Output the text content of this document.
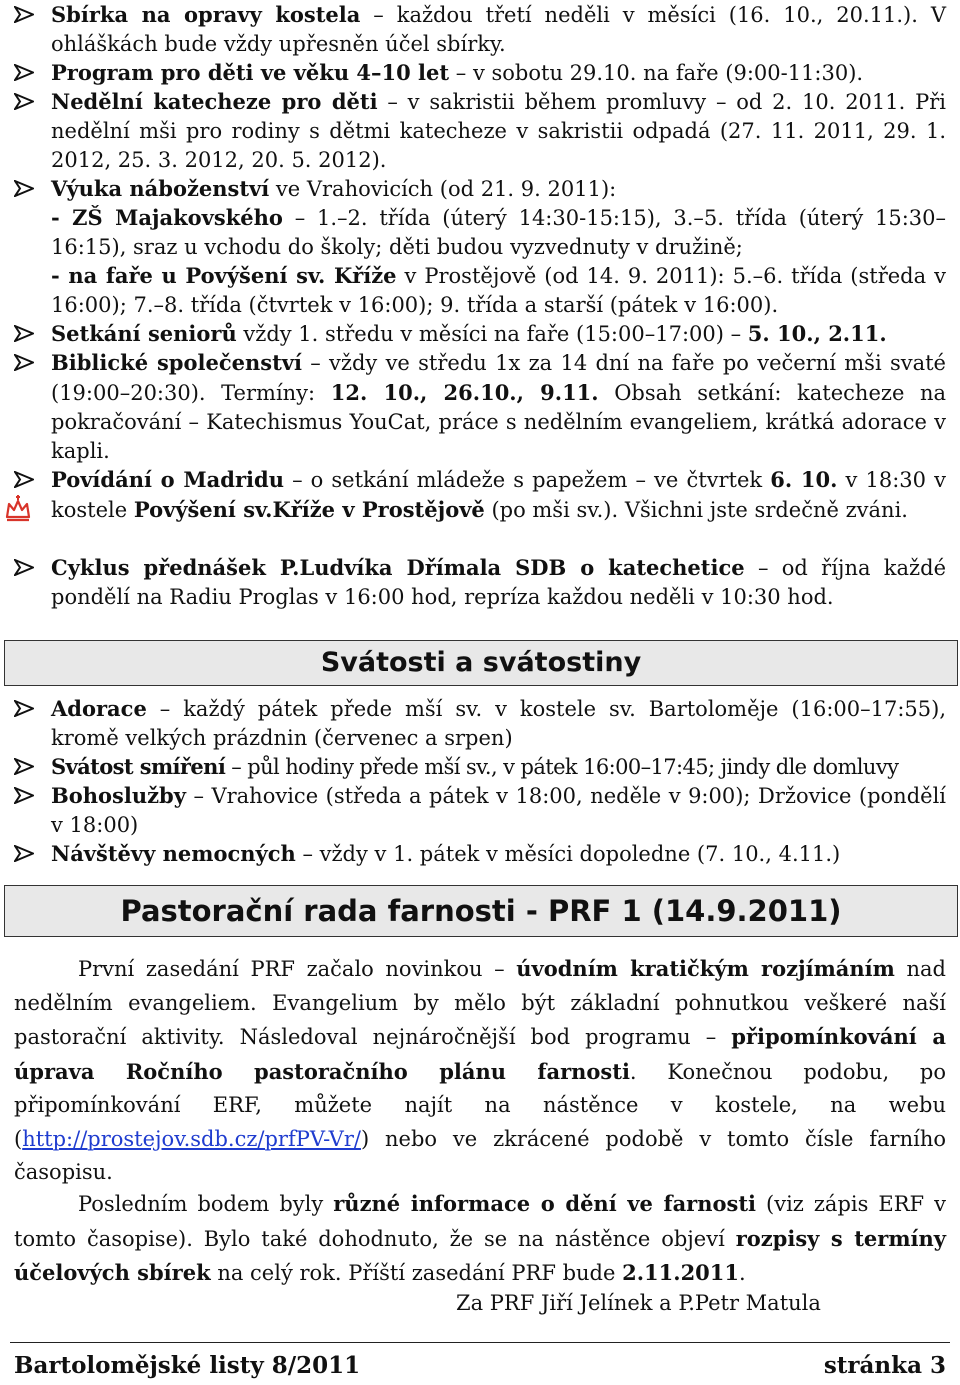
Sbírka na opravy kostela – každou třetí neděli v měsíci (16. 10., 20.11.). V ohláškách bude vždy upřesněn účel sbírky.
Program pro děti ve věku 4–10 let – v sobotu 29.10. na faře (9:00-11:30).
Nedělní katecheze pro děti – v sakristii během promluvy – od 2. 10. 2011. Při nedělní mši pro rodiny s dětmi katecheze v sakristii odpadá (27. 11. 2011, 29. 1. 2012, 25. 3. 2012, 20. 5. 2012).
Výuka náboženství ve Vrahovicích (od 21. 9. 2011):
- ZŠ Majakovského – 1.–2. třída (úterý 14:30-15:15), 3.–5. třída (úterý 15:30–16:15), sraz u vchodu do školy; děti budou vyzvednuty v družině;
- na faře u Povýšení sv. Kříže v Prostějově (od 14. 9. 2011): 5.–6. třída (středa v 16:00); 7.–8. třída (čtvrtek v 16:00); 9. třída a starší (pátek v 16:00).
Setkání seniorů vždy 1. středu v měsíci na faře (15:00–17:00) – 5. 10., 2.11.
Biblické společenství – vždy ve středu 1x za 14 dní na faře po večerní mši svaté (19:00–20:30). Termíny: 12. 10., 26.10., 9.11. Obsah setkání: katecheze na pokračování – Katechismus YouCat, práce s nedělním evangeliem, krátká adorace v kapli.
Povídání o Madridu – o setkání mládeže s papežem – ve čtvrtek 6. 10. v 18:30 v kostele Povýšení sv.Kříže v Prostějově (po mši sv.). Všichni jste srdečně zváni.
Cyklus přednášek P.Ludvíka Dřímala SDB o katechetice – od října každé pondělí na Radiu Proglas v 16:00 hod, repríza každou neděli v 10:30 hod.
Svátosti a svátostiny
Adorace – každý pátek přede mší sv. v kostele sv. Bartoloměje (16:00–17:55), kromě velkých prázdnin (červenec a srpen)
Svátost smíření – půl hodiny přede mší sv., v pátek 16:00–17:45; jindy dle domluvy
Bohoslužby – Vrahovice (středa a pátek v 18:00, neděle v 9:00); Držovice (pondělí v 18:00)
Návštěvy nemocných – vždy v 1. pátek v měsíci dopoledne (7. 10., 4.11.)
Pastorační rada farnosti - PRF 1 (14.9.2011)
První zasedání PRF začalo novinkou – úvodním kratičkým rozjímáním nad nedělním evangeliem. Evangelium by mělo být základní pohnutkou veškeré naší pastorační aktivity. Následoval nejnáročnější bod programu – připomínkování a úprava Ročního pastoračního plánu farnosti. Konečnou podobu, po připomínkování ERF, můžete najít na nástěnce v kostele, na webu (http://prostejov.sdb.cz/prfPV-Vr/) nebo ve zkrácené podobě v tomto čísle farního časopisu.
Posledním bodem byly různé informace o dění ve farnosti (viz zápis ERF v tomto časopise). Bylo také dohodnuto, že se na nástěnce objeví rozpisy s termíny účelových sbírek na celý rok. Příští zasedání PRF bude 2.11.2011.
Za PRF Jiří Jelínek a P.Petr Matula
Bartolomějské listy 8/2011	stránka 3
